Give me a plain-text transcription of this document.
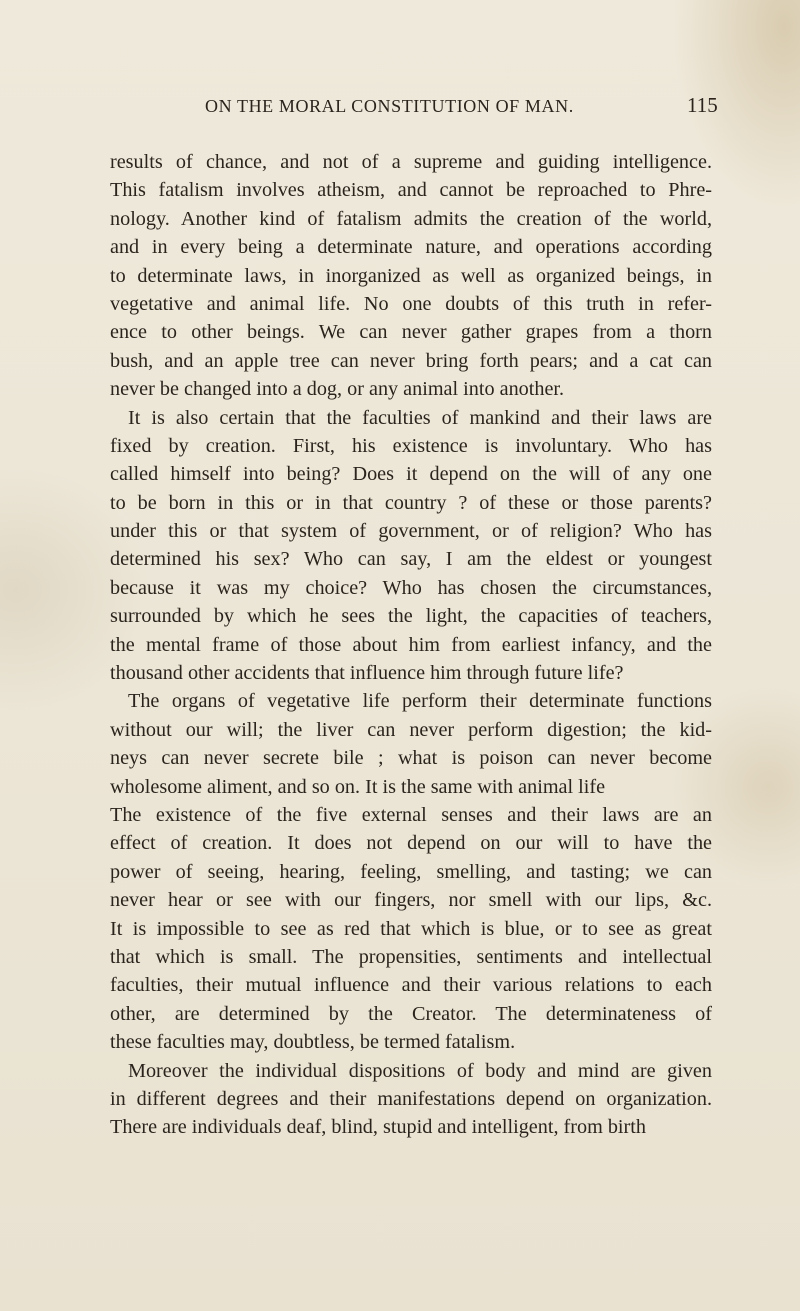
ON THE MORAL CONSTITUTION OF MAN.	115
results of chance, and not of a supreme and guiding intelligence.
This fatalism involves atheism, and cannot be reproached to Phre-
nology. Another kind of fatalism admits the creation of the world,
and in every being a determinate nature, and operations according
to determinate laws, in inorganized as well as organized beings, in
vegetative and animal life. No one doubts of this truth in refer-
ence to other beings. We can never gather grapes from a thorn
bush, and an apple tree can never bring forth pears; and a cat can
never be changed into a dog, or any animal into another.
It is also certain that the faculties of mankind and their laws are
fixed by creation. First, his existence is involuntary. Who has
called himself into being? Does it depend on the will of any one
to be born in this or in that country ? of these or those parents?
under this or that system of government, or of religion? Who has
determined his sex? Who can say, I am the eldest or youngest
because it was my choice? Who has chosen the circumstances,
surrounded by which he sees the light, the capacities of teachers,
the mental frame of those about him from earliest infancy, and the
thousand other accidents that influence him through future life?
The organs of vegetative life perform their determinate functions
without our will; the liver can never perform digestion; the kid-
neys can never secrete bile ; what is poison can never become
wholesome aliment, and so on. It is the same with animal life
The existence of the five external senses and their laws are an
effect of creation. It does not depend on our will to have the
power of seeing, hearing, feeling, smelling, and tasting; we can
never hear or see with our fingers, nor smell with our lips, &c.
It is impossible to see as red that which is blue, or to see as great
that which is small. The propensities, sentiments and intellectual
faculties, their mutual influence and their various relations to each
other, are determined by the Creator. The determinateness of
these faculties may, doubtless, be termed fatalism.
Moreover the individual dispositions of body and mind are given
in different degrees and their manifestations depend on organization.
There are individuals deaf, blind, stupid and intelligent, from birth
